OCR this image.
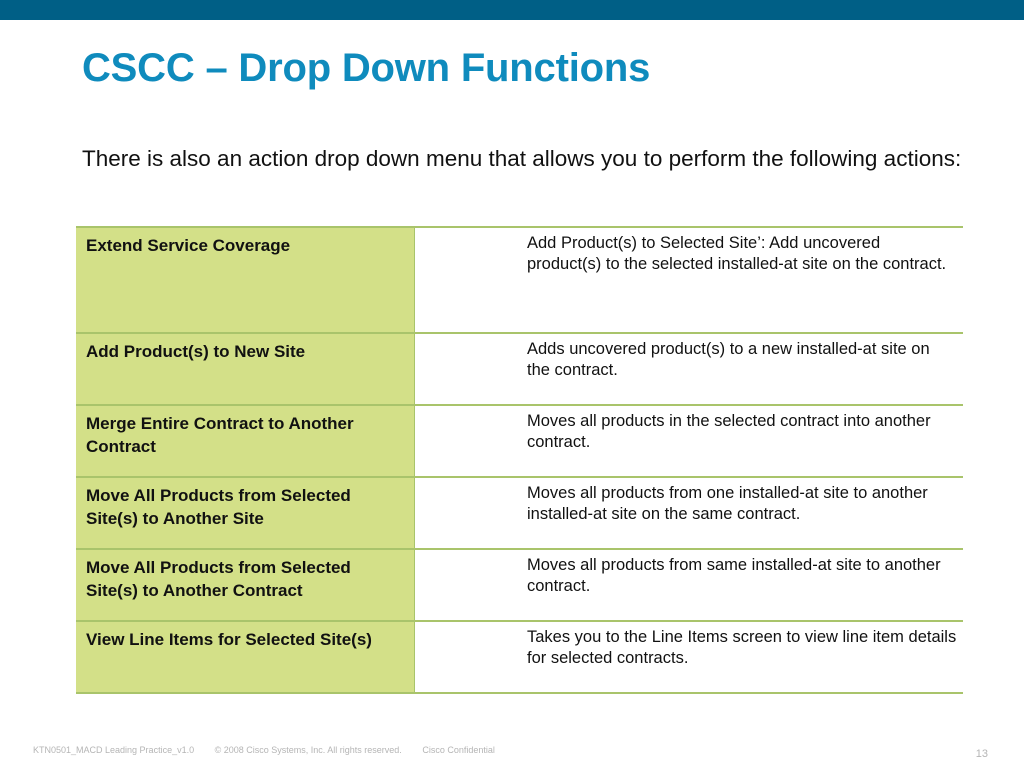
CSCC – Drop Down Functions
There is also an action drop down menu that allows you to perform the following actions:
Extend Service Coverage		Add Product(s) to Selected Site’: Add uncovered product(s) to the selected installed-at site on the contract.

Add Product(s) to New Site		Adds uncovered product(s) to a new installed-at site on the contract.

Merge Entire Contract to Another Contract		Moves all products in the selected contract into another contract.

Move All Products from Selected Site(s) to Another Site		Moves all products from one installed-at site to another installed-at site on the same contract.

Move All Products from Selected Site(s) to Another Contract		Moves all products from same installed-at site to another contract.

View Line Items for Selected Site(s)		Takes you to the Line Items screen to view line item details for selected contracts.
KTN0501_MACD Leading Practice_v1.0 © 2008 Cisco Systems, Inc. All rights reserved. Cisco Confidential	13
